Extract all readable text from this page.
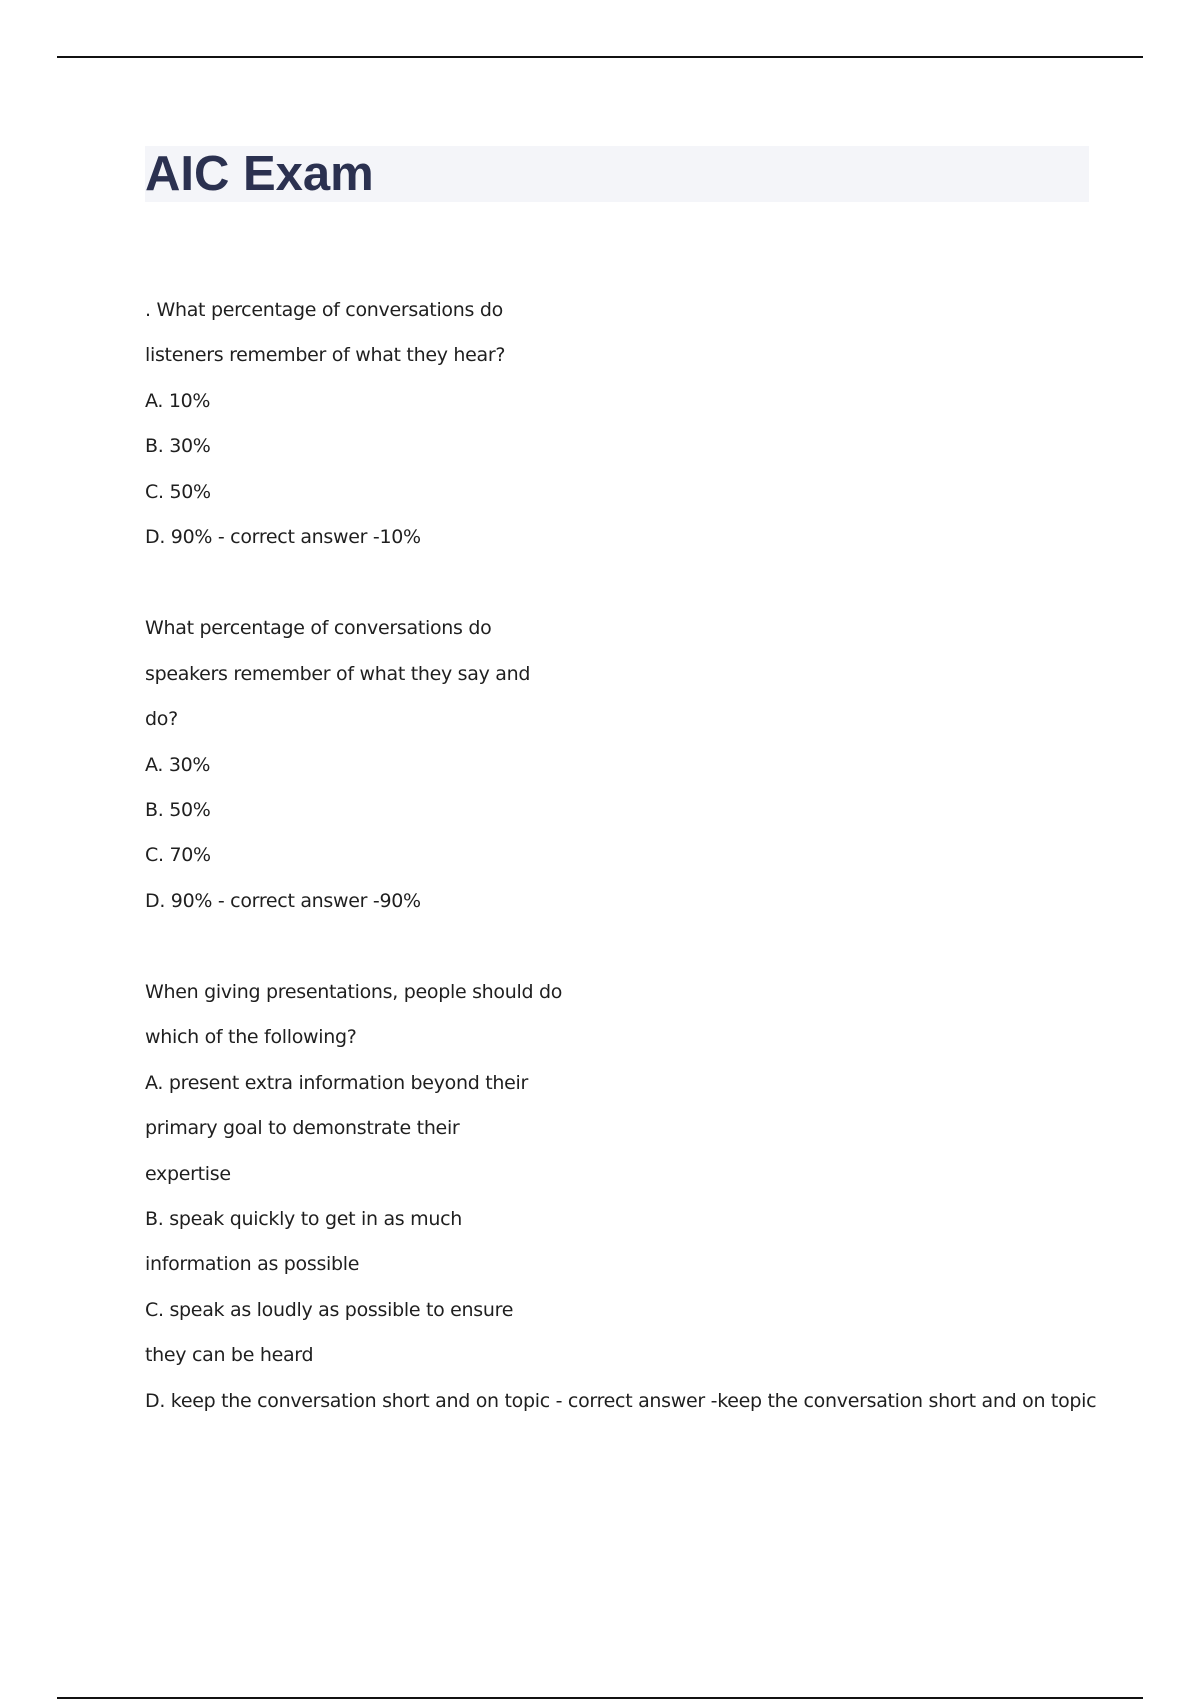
AIC Exam
. What percentage of conversations do
listeners remember of what they hear?
A. 10%
B. 30%
C. 50%
D. 90% - correct answer -10%
What percentage of conversations do
speakers remember of what they say and
do?
A. 30%
B. 50%
C. 70%
D. 90% - correct answer -90%
When giving presentations, people should do
which of the following?
A. present extra information beyond their
primary goal to demonstrate their
expertise
B. speak quickly to get in as much
information as possible
C. speak as loudly as possible to ensure
they can be heard
D. keep the conversation short and on topic - correct answer -keep the conversation short and on topic
